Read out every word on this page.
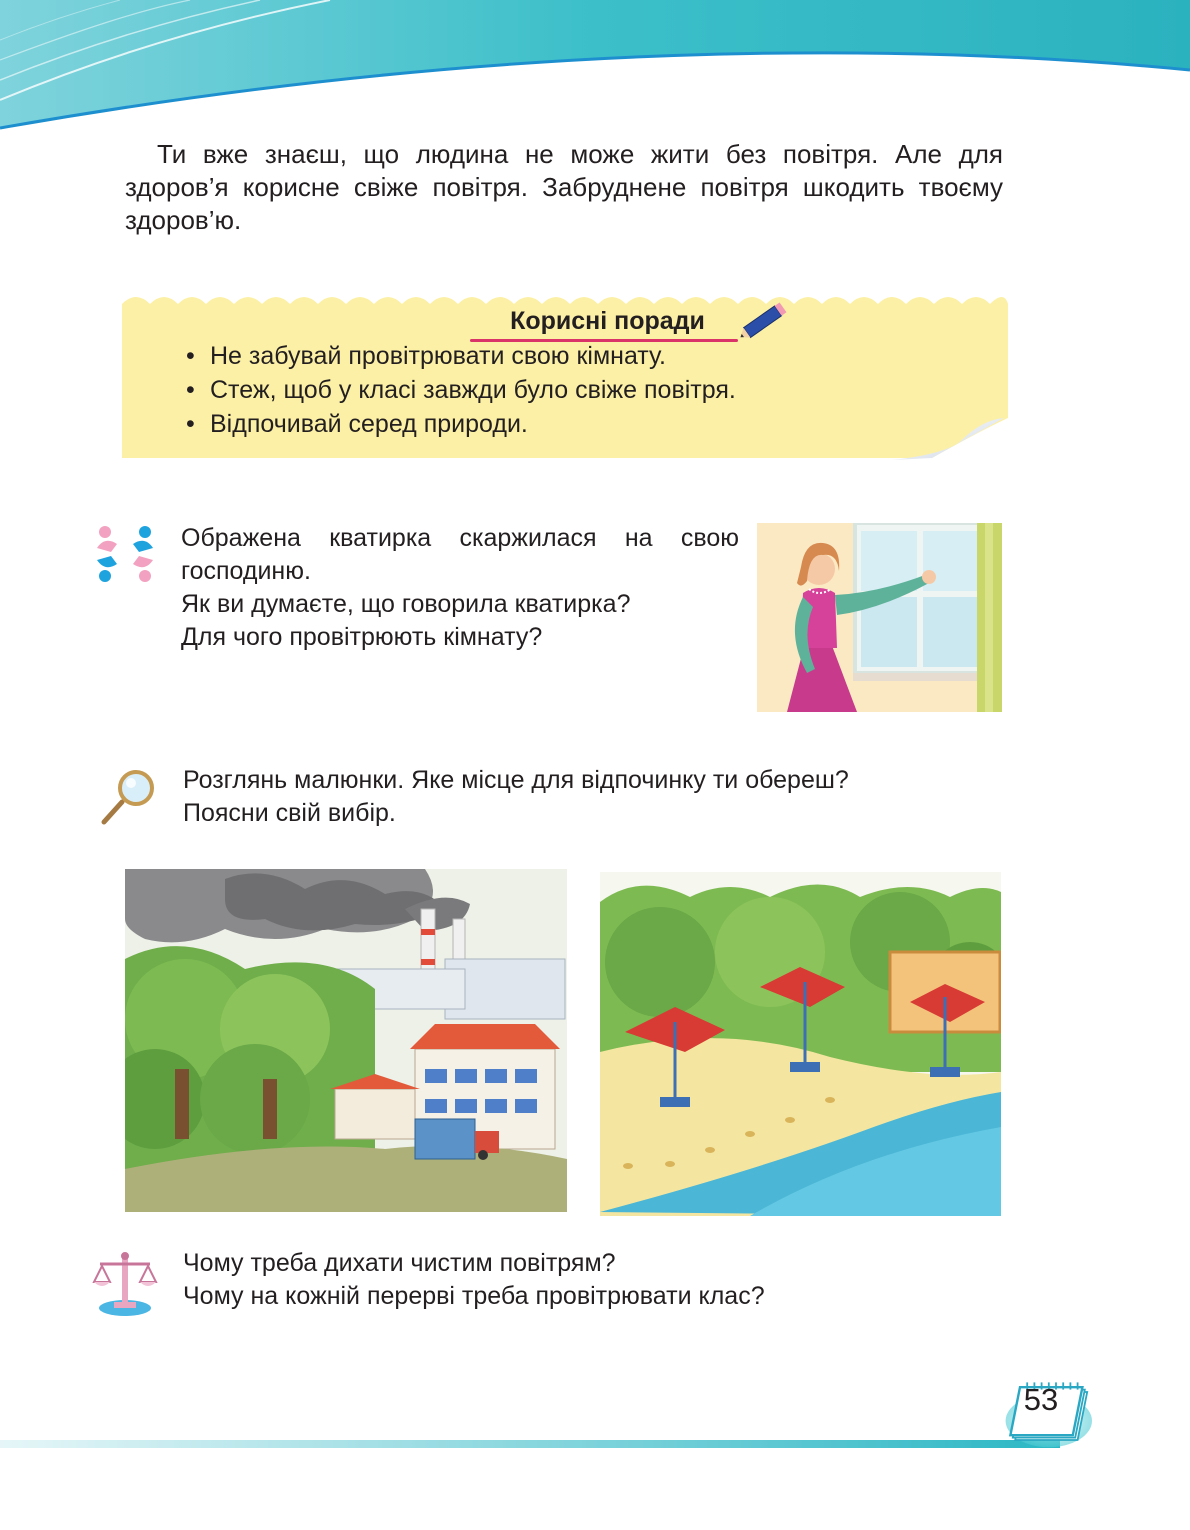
Ти вже знаєш, що людина не може жити без повітря. Але для здоров’я корисне свіже повітря. Забруднене повітря шкодить твоєму здоров’ю.

Корисні поради
• Не забувай провітрювати свою кімнату.
• Стеж, щоб у класі завжди було свіже повітря.
• Відпочивай серед природи.
Ображена кватирка скаржилася на свою
господиню.
Як ви думаєте, що говорила кватирка?
Для чого провітрюють кімнату?
Розглянь малюнки. Яке місце для відпочинку ти обереш?
Поясни свій вибір.
Чому треба дихати чистим повітрям?
Чому на кожній перерві треба провітрювати клас?
53
